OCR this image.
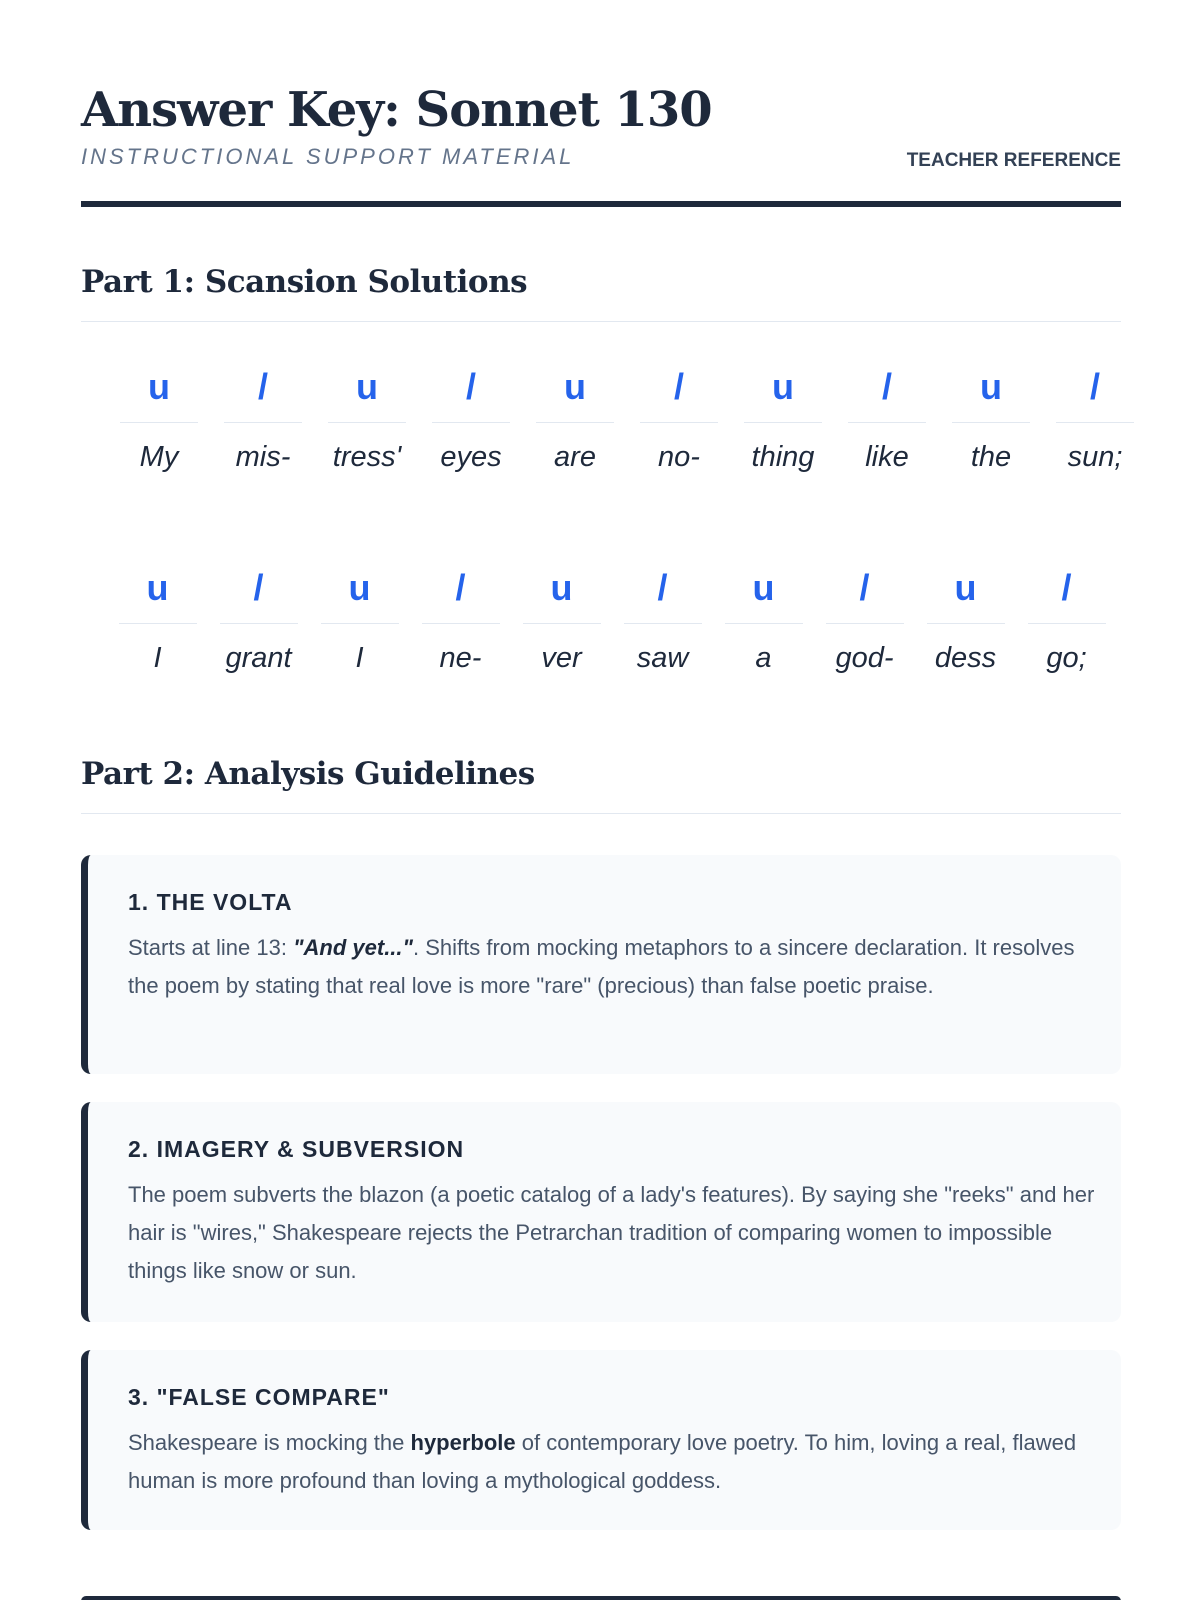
Answer Key: Sonnet 130
INSTRUCTIONAL SUPPORT MATERIAL	TEACHER REFERENCE
Part 1: Scansion Solutions
u
My
/
mis-
u
tress'
/
eyes
u
are
/
no-
u
thing
/
like
u
the
/
sun;
u
I
/
grant
u
I
/
ne-
u
ver
/
saw
u
a
/
god-
u
dess
/
go;
Part 2: Analysis Guidelines
1. THE VOLTA

Starts at line 13: "And yet...". Shifts from mocking metaphors to a sincere declaration. It resolves the poem by stating that real love is more "rare" (precious) than false poetic praise.

2. IMAGERY & SUBVERSION

The poem subverts the blazon (a poetic catalog of a lady's features). By saying she "reeks" and her hair is "wires," Shakespeare rejects the Petrarchan tradition of comparing women to impossible things like snow or sun.

3. "FALSE COMPARE"

Shakespeare is mocking the hyperbole of contemporary love poetry. To him, loving a real, flawed human is more profound than loving a mythological goddess.
